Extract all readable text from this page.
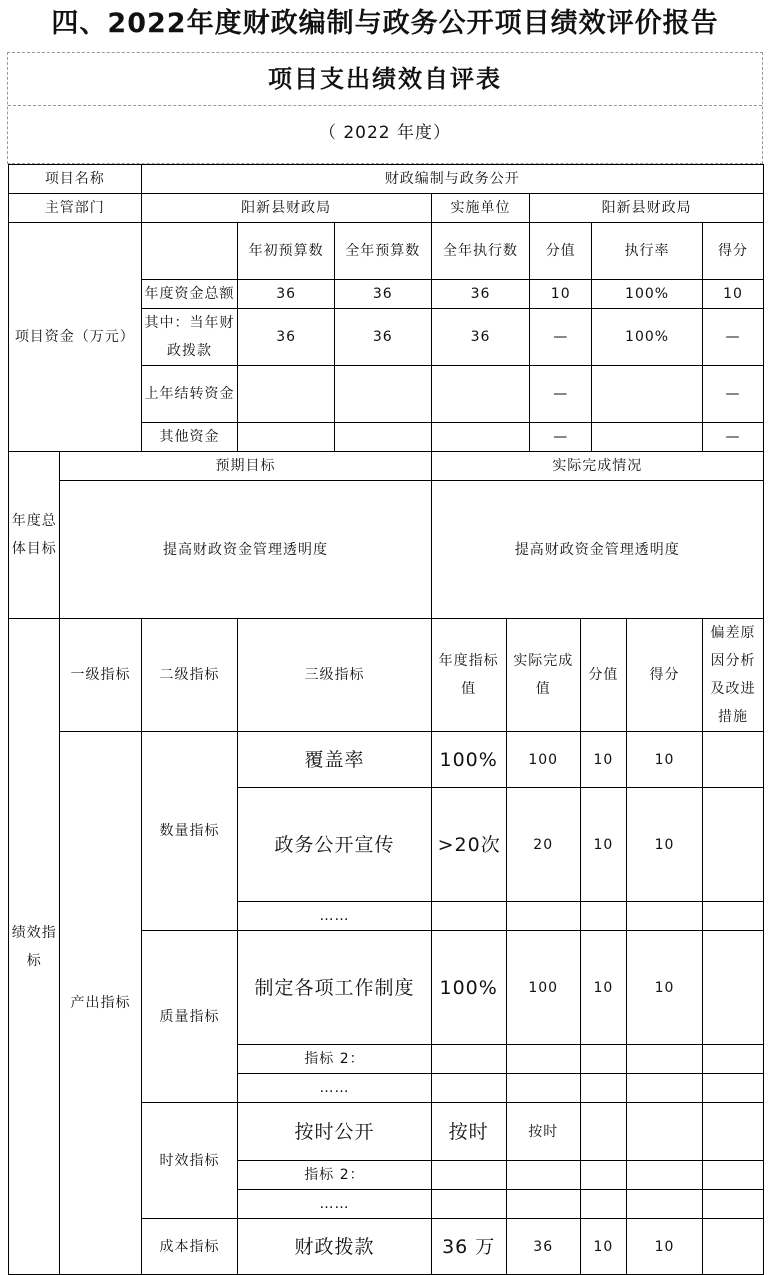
四、2022年度财政编制与政务公开项目绩效评价报告
项目支出绩效自评表
（ 2022 年度）
项目名称		财政编制与政务公开									
主管部门		阳新县财政局			实施单位		阳新县财政局				
项目资金（万元）			年初预算数	全年预算数	全年执行数		分值		执行率		得分
		年度资金总额	36	36	36		10		100%		10
		其中：当年财政拨款	36	36	36		—		100%		—
		上年结转资金					—				—
		其他资金					—				—
年度总体目标	预期目标				实际完成情况						
	提高财政资金管理透明度				提高财政资金管理透明度						
绩效指标	一级指标	二级指标	三级指标		年度指标值	实际完成值		分值		得分	偏差原因分析及改进措施
	产出指标	数量指标	覆盖率		100%	100		10		10	
			政务公开宣传		>20次	20		10		10	
			……								
		质量指标	制定各项工作制度		100%	100		10		10	
			指标 2：								
			……								
		时效指标	按时公开		按时	按时					
			指标 2：								
			……								
		成本指标	财政拨款		36 万	36		10		10	
